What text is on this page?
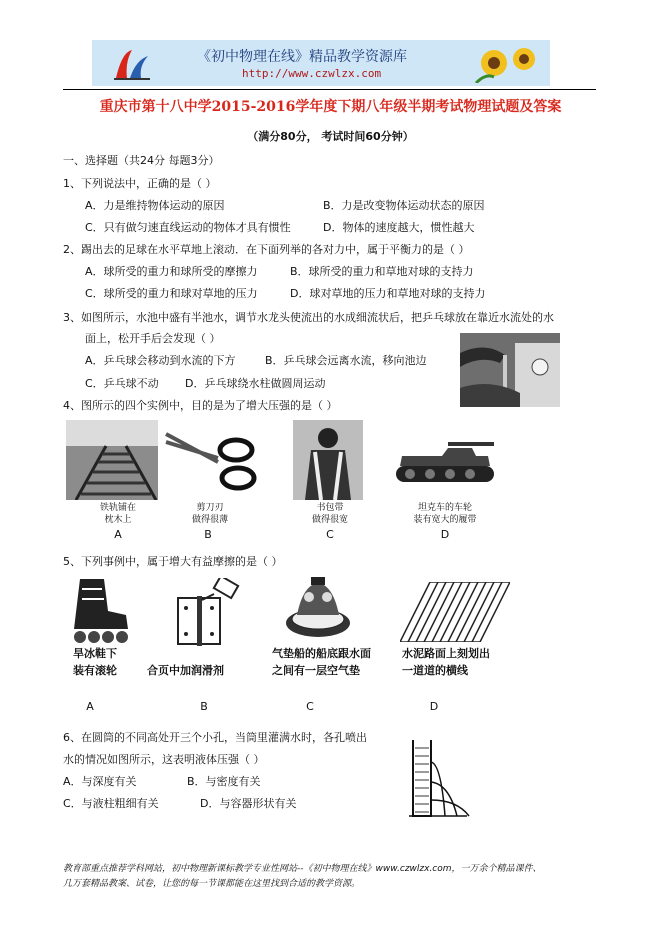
《初中物理在线》精品教学资源库
http://www.czwlzx.com
重庆市第十八中学2015-2016学年度下期八年级半期考试物理试题及答案
（满分80分， 考试时间60分钟）
一、选择题（共24分 每题3分）
1、下列说法中，正确的是（ ）
A．力是维持物体运动的原因	B．力是改变物体运动状态的原因
C．只有做匀速直线运动的物体才具有惯性	D．物体的速度越大，惯性越大
2、踢出去的足球在水平草地上滚动．在下面列举的各对力中，属于平衡力的是（ ）
A．球所受的重力和球所受的摩擦力	B．球所受的重力和草地对球的支持力
C．球所受的重力和球对草地的压力	D．球对草地的压力和草地对球的支持力
3、如图所示，水池中盛有半池水，调节水龙头使流出的水成细流状后，把乒乓球放在靠近水流处的水
面上，松开手后会发现（ ）
A．乒乓球会移动到水流的下方	B．乒乓球会远离水流，移向池边
C．乒乓球不动 D．乒乓球绕水柱做圆周运动
4、图所示的四个实例中，目的是为了增大压强的是（ ）
铁轨铺在
枕木上
A
剪刀刃
做得很薄
B
书包带
做得很宽
C
坦克车的车轮
装有宽大的履带
D
5、下列事例中，属于增大有益摩擦的是（ ）
旱冰鞋下
装有滚轮
A
合页中加润滑剂
B
气垫船的船底跟水面
之间有一层空气垫
C
水泥路面上刻划出
一道道的横线
D
6、在圆筒的不同高处开三个小孔，当筒里灌满水时，各孔喷出
水的情况如图所示，这表明液体压强（ ）
A．与深度有关	B．与密度有关
C．与液柱粗细有关	D．与容器形状有关
教育部重点推荐学科网站，初中物理新课标教学专业性网站--《初中物理在线》www.czwlzx.com，一万余个精品课件、
几万套精品教案、试卷，让您的每一节课都能在这里找到合适的教学资源。
